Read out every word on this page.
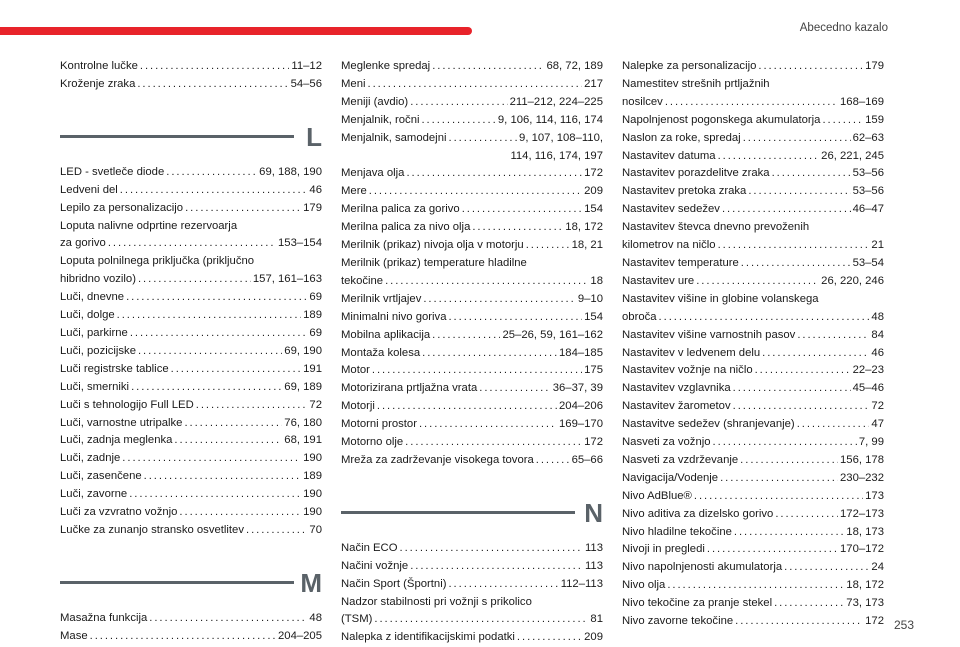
Abecedno kazalo
Kontrolne lučke . . .	11–12
Kroženje zraka . . .	54–56
L
LED - svetleče diode . . .	69, 188, 190
Ledveni del . . .	46
Lepilo za personalizacijo . . .	179
Loputa nalivne odprtine rezervoarja
za gorivo . . .	153–154
Loputa polnilnega priključka (priključno
hibridno vozilo) . . .	157, 161–163
Luči, dnevne . . .	69
Luči, dolge . . .	189
Luči, parkirne . . .	69
Luči, pozicijske . . .	69, 190
Luči registrske tablice . . .	191
Luči, smerniki . . .	69, 189
Luči s tehnologijo Full LED . . .	72
Luči, varnostne utripalke . . .	76, 180
Luči, zadnja meglenka . . .	68, 191
Luči, zadnje . . .	190
Luči, zasenčene . . .	189
Luči, zavorne . . .	190
Luči za vzvratno vožnjo . . .	190
Lučke za zunanjo stransko osvetlitev . . .	70
M
Masažna funkcija . . .	48
Mase . . .	204–205
Meglenke spredaj . . .	68, 72, 189
Meni . . .	217
Meniji (avdio) . . .	211–212, 224–225
Menjalnik, ročni . . .	9, 106, 114, 116, 174
Menjalnik, samodejni . . .	9, 107, 108–110,
114, 116, 174, 197
Menjava olja . . .	172
Mere . . .	209
Merilna palica za gorivo . . .	154
Merilna palica za nivo olja . . .	18, 172
Merilnik (prikaz) nivoja olja v motorju . . .	18, 21
Merilnik (prikaz) temperature hladilne
tekočine . . .	18
Merilnik vrtljajev . . .	9–10
Minimalni nivo goriva . . .	154
Mobilna aplikacija . . .	25–26, 59, 161–162
Montaža kolesa . . .	184–185
Motor . . .	175
Motorizirana prtljažna vrata . . .	36–37, 39
Motorji . . .	204–206
Motorni prostor . . .	169–170
Motorno olje . . .	172
Mreža za zadrževanje visokega tovora . . .	65–66
N
Način ECO . . .	113
Načini vožnje . . .	113
Način Sport (Športni) . . .	112–113
Nadzor stabilnosti pri vožnji s prikolico
(TSM) . . .	81
Nalepka z identifikacijskimi podatki . . .	209
Nalepke za personalizacijo . . .	179
Namestitev strešnih prtljažnih
nosilcev . . .	168–169
Napolnjenost pogonskega akumulatorja . . .	159
Naslon za roke, spredaj . . .	62–63
Nastavitev datuma . . .	26, 221, 245
Nastavitev porazdelitve zraka . . .	53–56
Nastavitev pretoka zraka . . .	53–56
Nastavitev sedežev . . .	46–47
Nastavitev števca dnevno prevoženih
kilometrov na ničlo . . .	21
Nastavitev temperature . . .	53–54
Nastavitev ure . . .	26, 220, 246
Nastavitev višine in globine volanskega
obroča . . .	48
Nastavitev višine varnostnih pasov . . .	84
Nastavitev v ledvenem delu . . .	46
Nastavitev vožnje na ničlo . . .	22–23
Nastavitev vzglavnika . . .	45–46
Nastavitev žarometov . . .	72
Nastavitve sedežev (shranjevanje) . . .	47
Nasveti za vožnjo . . .	7, 99
Nasveti za vzdrževanje . . .	156, 178
Navigacija/Vodenje . . .	230–232
Nivo AdBlue® . . .	173
Nivo aditiva za dizelsko gorivo . . .	172–173
Nivo hladilne tekočine . . .	18, 173
Nivoji in pregledi . . .	170–172
Nivo napolnjenosti akumulatorja . . .	24
Nivo olja . . .	18, 172
Nivo tekočine za pranje stekel . . .	73, 173
Nivo zavorne tekočine . . .	172 253
